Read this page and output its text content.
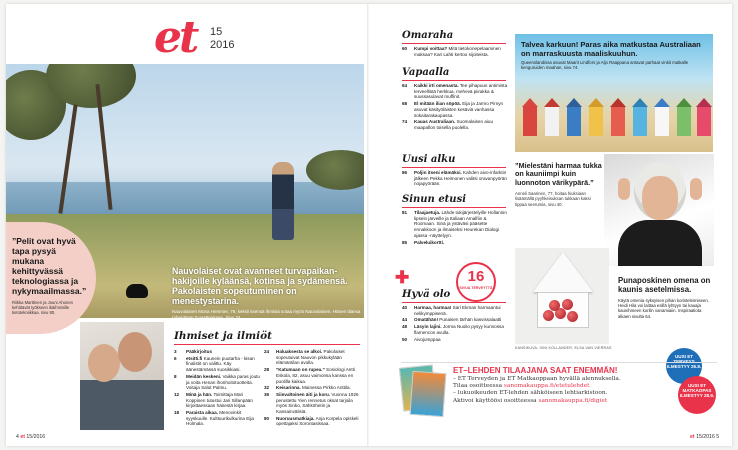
et 15
2016
Nauvolaiset ovat avanneet turvapaikan-hakijoille kyläänsä, kotinsa ja sydämensä. Pakolaisten sopeutuminen on menestystarina.

Nauvolainen Mona Hemmer, 79, keksii itsensä ihmisiä sotaa myös Nauvolainen. Hänen tilansa (ohen)tsen T-vaatteistaan. Sivu 24.

”Pelit ovat hyvä tapa pysyä mukana kehittyvässä teknologiassa ja nykymaailmassa.”
Riikka Marttinen ja Jouni Ahonen kehittävät työkseen ikäihmisille tietotekniikkaa. sivu 80.
Ihmiset ja ilmiöt
3	Pääkirjoitus
6	etsitti.fi Kaunein puutarha - kisan finalistit on valittu. Käy äänestämässä suosikkiasi.
8	Meidän keskeni. Vaikka paras joutu ja voita Henan ihonhoitotuotteita. Voitaja Salut Palmu.
12	Minä ja hän. Toimittaja Mari Koppinen tutustui Jari Sillanpään kirjoittaessaan hänestä kirjaa.
18	Paraista aikaa. Menovinkit syyskuulle. Kulttuurikulkurina Eija Holmala.
24	Haluaksesta se alkoi. Pakolaiset sopeutuivat Nauvon pikkukylään elämäntilan avulla.
28	”Katumaan on rupea.” Sosiologi Antti Eskola, 82, asuu vaimonsa kanssa en puolilla kaikua.
32	Keisarinna. Mainessa Pirkko Anttila.
36	Siinvaltoinen äiti ja koru. Vuonna 1926 perustettu Yien rennetus oksat tarjoila myös Sinko, Sähköhetin ja Kansainvälisiä.
80	Nuoruusmatkiaja. Anja Korpela opiskeli opettajaksi Sorontasissaa.
4 et 15/2016
Omaraha
60	Kumpi voittaa? Mitä tietokonepelaaminen maksaa? Kari Lahti kertoo sijoiteista.
Vapaalla
64	Kaikki irti omenasta. Tee pihapuun antimista terveellistä herkkua, mehevä piirakka & suussasulavat muffinit.
68	El mitään ilian söpöä. Eija ja Jarmo Pirnyn asuvat käsityöläisten kesäviä vanhassa sokaitarakaupassa.
74	Kauas Australiaan. Suomalaisen aiuu maapallon toisella puolella.
Uusi alku
86	Poljin itseni elämäksi. Kahden aivo-infarktin jälkeen Pekka Heimonen valitsi oravanpyörän nojapyörään.
Sinun etusi
81	Tilaajaetuja. Lähde tukijärjestelyille Hollannin lipsein järveille ja Italiaan Amalfiin & Roomaan. Sinä ja ystäväsi pääsette ennakkoon ja ilmaiseksi Heurekan Dialogi ajassa -näyttelyyn.
85	Palveluikortti.
✚	16
SIVUA TERVEYTTÄ
Hyvä olo
40	Harmaa, harmaa! Sari Ekman harmaantui nelikymppisenä.
44	Omatähän! Punaisen tärhän kasvissalaatti
48	Läsyin lajini. Jorma Nuolio pysyy kunnossa flamencon avulla.
50	Aivojumppaa
Talvea karkuun! Paras aika matkustaa Australiaan on marraskuusta maaliskuuhun.

Queenslandissa asuvat Maarit Lindfors ja Aljo Raappana antavat parhaat vinkit matkalle kenguruiden maahan, sivu 74.

”Mielestäni harmaa tukka on kauniimpi kuin luonnoton värikypärä.”
Anneli Saarinen, 77, hoitaa hiuksiaan lisäämällä pyyhkeisuksan tukkaan kaksi tippaa seerumia, sivu 40.
KANSIKUVA: SINI KOLLANDER, ELSA VAN VIERRAS
Punaposkinen omena on kaunis asetelmissa.

Käytä omenia syksyisen pihan koristeleimiseen. Heidi Hila voi laittaa esillä lyhtyyn tai kauaja kaunihmeen korilin vanamiaiin. Inspiraatiota alkaen sivulta 64.

UUSI ET ILMESTYY 26.8.
UUSI ET MATKAOPAS ILMESTYY 28.9.
ET–LEHDEN TILAAJANA SAAT ENEMMÄN!

– ET Terveyden ja ET Matkaoppaan hyvällä alennuksella.

Tilaa osoitteessa sanomakauppa.fi/etetulehdet

– lukuoikeuden ET-lehden sähköiseen lehtiarkistoon.

Aktivoi käyttöösi osoitteessa sanomakauppa.fi/digiet

et 15/2016 5
